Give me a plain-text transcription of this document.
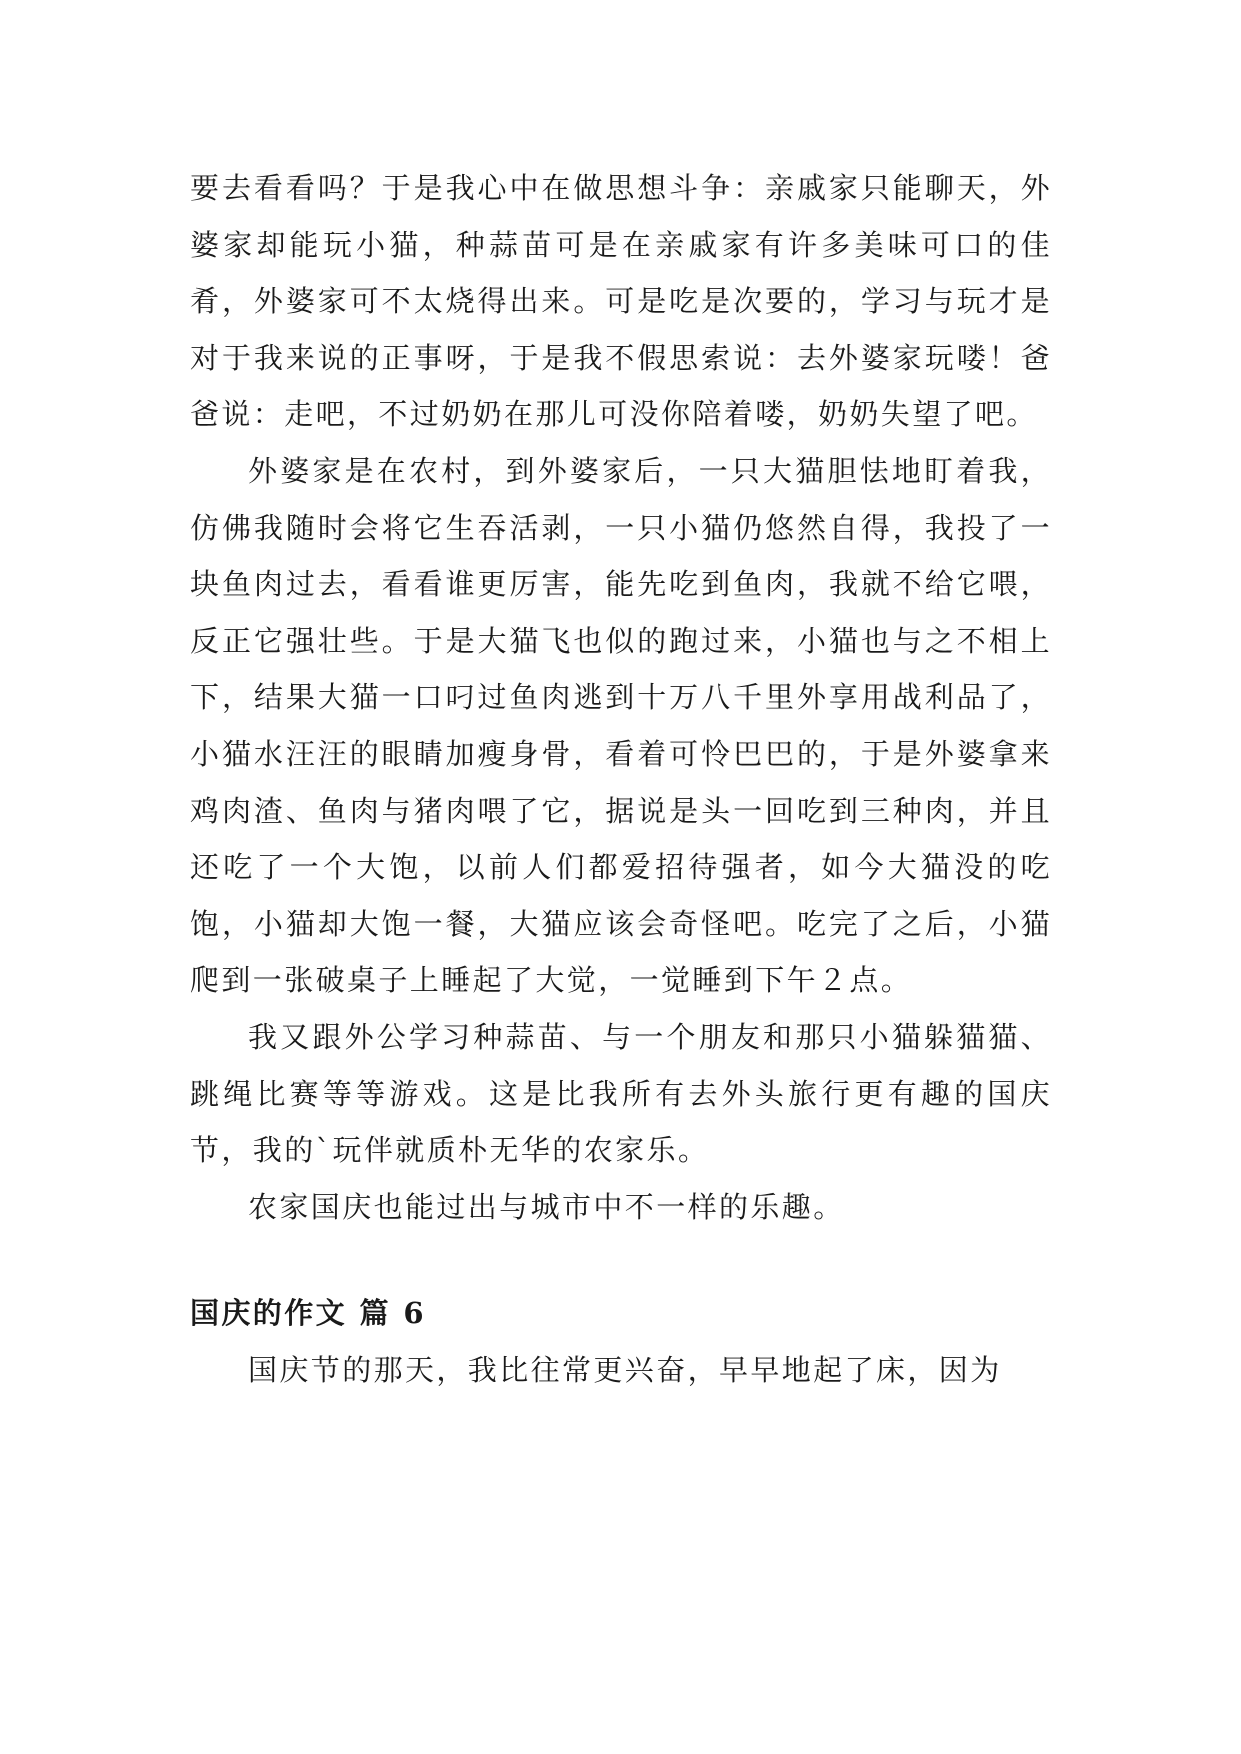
要去看看吗？于是我心中在做思想斗争：亲戚家只能聊天，外婆家却能玩小猫，种蒜苗可是在亲戚家有许多美味可口的佳肴，外婆家可不太烧得出来。可是吃是次要的，学习与玩才是对于我来说的正事呀，于是我不假思索说：去外婆家玩喽！爸爸说：走吧，不过奶奶在那儿可没你陪着喽，奶奶失望了吧。

外婆家是在农村，到外婆家后，一只大猫胆怯地盯着我，仿佛我随时会将它生吞活剥，一只小猫仍悠然自得，我投了一块鱼肉过去，看看谁更厉害，能先吃到鱼肉，我就不给它喂，反正它强壮些。于是大猫飞也似的跑过来，小猫也与之不相上下，结果大猫一口叼过鱼肉逃到十万八千里外享用战利品了，小猫水汪汪的眼睛加瘦身骨，看着可怜巴巴的，于是外婆拿来鸡肉渣、鱼肉与猪肉喂了它，据说是头一回吃到三种肉，并且还吃了一个大饱，以前人们都爱招待强者，如今大猫没的吃饱，小猫却大饱一餐，大猫应该会奇怪吧。吃完了之后，小猫爬到一张破桌子上睡起了大觉，一觉睡到下午２点。

我又跟外公学习种蒜苗、与一个朋友和那只小猫躲猫猫、跳绳比赛等等游戏。这是比我所有去外头旅行更有趣的国庆节，我的`玩伴就质朴无华的农家乐。

农家国庆也能过出与城市中不一样的乐趣。

国庆的作文 篇 6

国庆节的那天，我比往常更兴奋，早早地起了床，因为
